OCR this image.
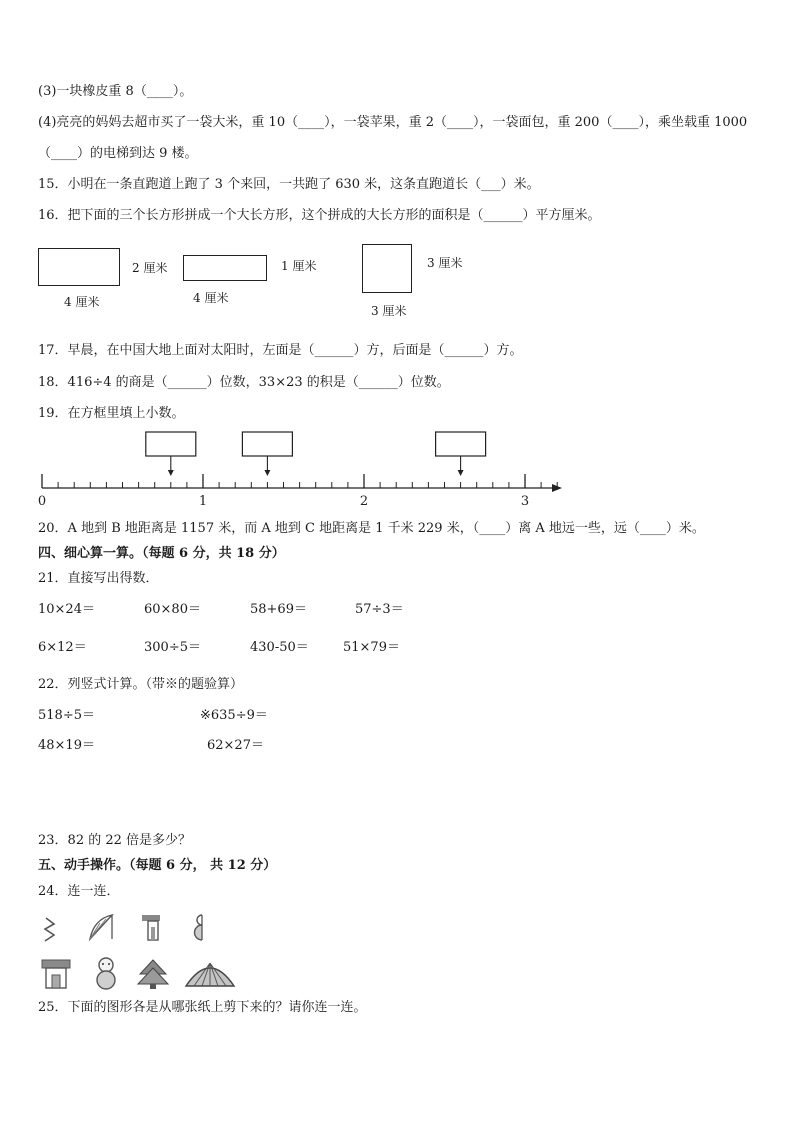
(3)一块橡皮重 8（____）。
(4)亮亮的妈妈去超市买了一袋大米，重 10（____），一袋苹果，重 2（____），一袋面包，重 200（____），乘坐载重 1000
（____）的电梯到达 9 楼。
15．小明在一条直跑道上跑了 3 个来回，一共跑了 630 米，这条直跑道长（___）米。
16．把下面的三个长方形拼成一个大长方形，这个拼成的大长方形的面积是（______）平方厘米。
2 厘米
4 厘米
1 厘米
4 厘米
3 厘米
3 厘米
17．早晨，在中国大地上面对太阳时，左面是（______）方，后面是（______）方。
18．416÷4 的商是（______）位数，33×23 的积是（______）位数。
19．在方框里填上小数。
0	1	2	3
20．A 地到 B 地距离是 1157 米，而 A 地到 C 地距离是 1 千米 229 米，（____）离 A 地远一些，远（____）米。
四、细心算一算。（每题 6 分，共 18 分）
21．直接写出得数．
10×24＝	60×80＝	58+69＝	57÷3＝
6×12＝	300÷5＝	430-50＝	51×79＝
22．列竖式计算。（带※的题验算）
518÷5＝	※635÷9＝
48×19＝	62×27＝
23．82 的 22 倍是多少？
五、动手操作。（每题 6 分， 共 12 分）
24．连一连．
25．下面的图形各是从哪张纸上剪下来的？请你连一连。
